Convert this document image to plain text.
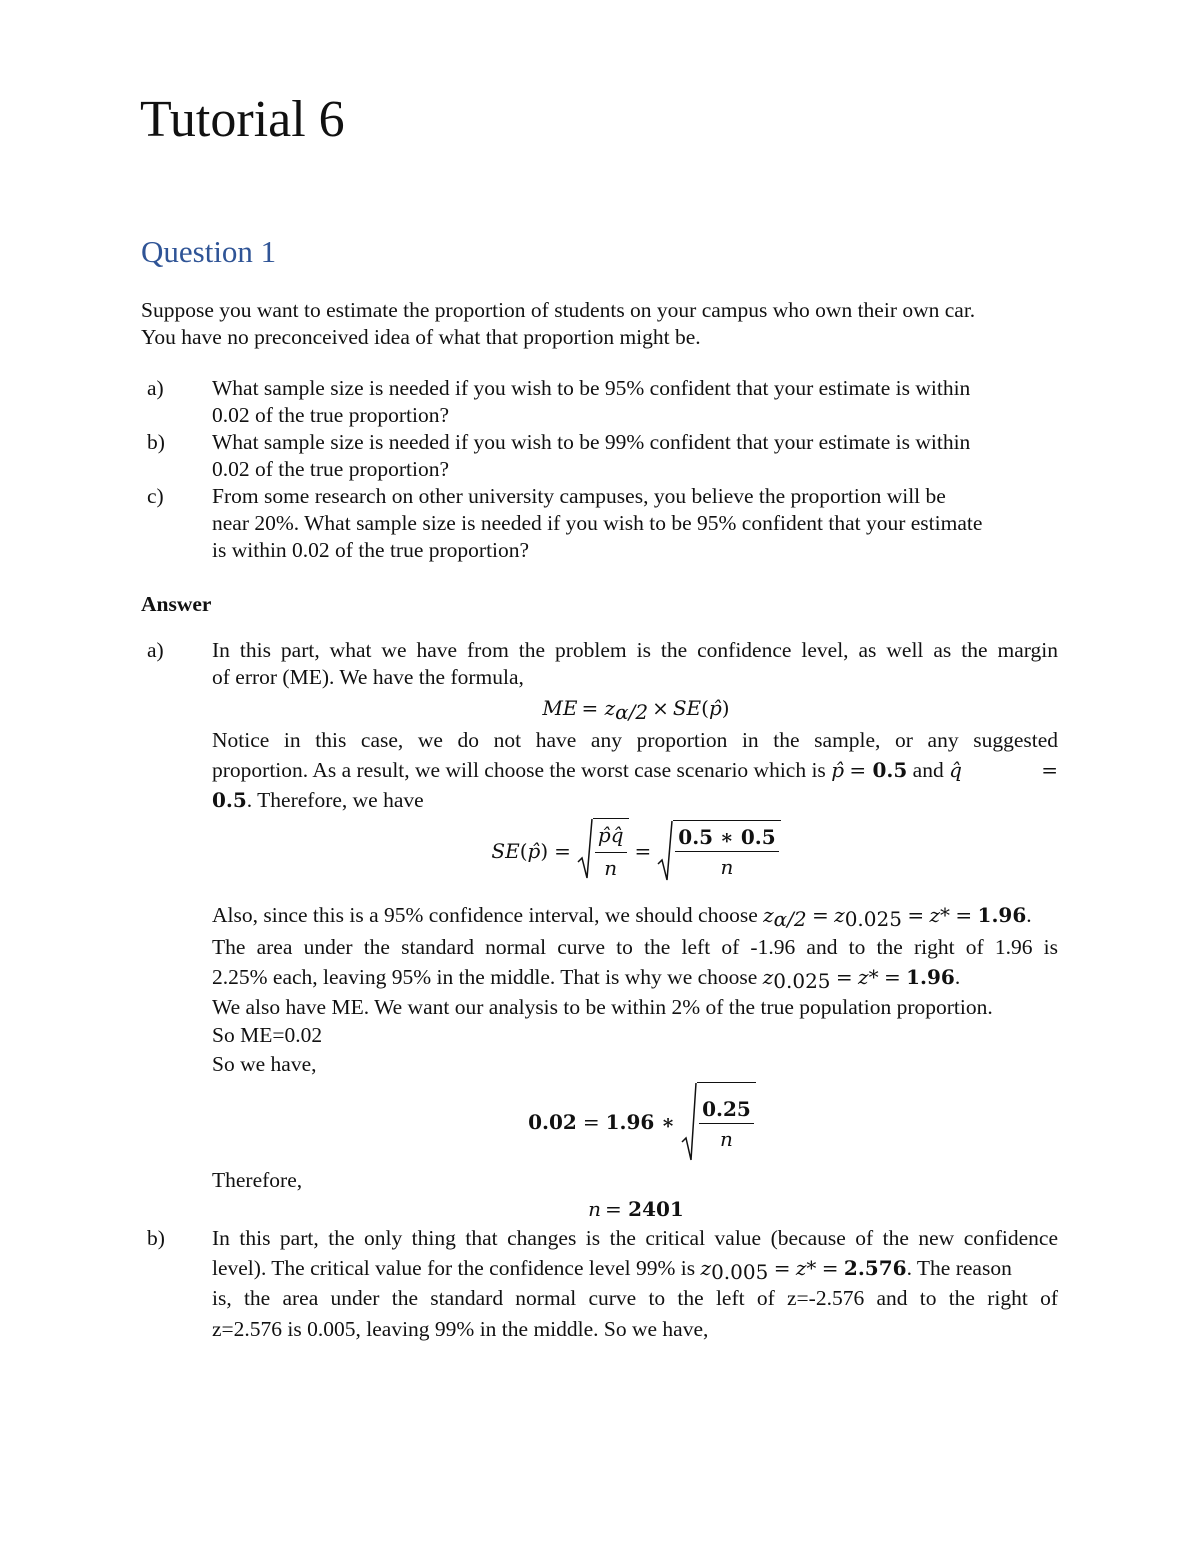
Tutorial 6
Question 1
Suppose you want to estimate the proportion of students on your campus who own their own car.
You have no preconceived idea of what that proportion might be.
a) What sample size is needed if you wish to be 95% confident that your estimate is within
0.02 of the true proportion?
b) What sample size is needed if you wish to be 99% confident that your estimate is within
0.02 of the true proportion?
c) From some research on other university campuses, you believe the proportion will be
near 20%. What sample size is needed if you wish to be 95% confident that your estimate
is within 0.02 of the true proportion?
Answer
a) In this part, what we have from the problem is the confidence level, as well as the margin
of error (ME). We have the formula,
ME = $z_{\alpha/2}$ × SE(p̂)
Notice in this case, we do not have any proportion in the sample, or any suggested
proportion. As a result, we will choose the worst case scenario which is p̂ = 0.5 and q̂	=
0.5. Therefore, we have
SE(p̂) = $\frac{p̂q̂}{n} = \frac{0.5 ∗ 0.5}{n}$
Also, since this is a 95% confidence interval, we should choose $z_{\alpha/2} = z_{0.025} = z* = 1.96$.
The area under the standard normal curve to the left of -1.96 and to the right of 1.96 is
2.25% each, leaving 95% in the middle. That is why we choose $z_{0.025} = z* = 1.96$.
We also have ME. We want our analysis to be within 2% of the true population proportion.
So ME=0.02
So we have,
0.02 = 1.96 ∗ $\frac{0.25}{n}$
Therefore,
n = 2401
b) In this part, the only thing that changes is the critical value (because of the new confidence
level). The critical value for the confidence level 99% is $z_{0.005} = z* = 2.576$. The reason
is, the area under the standard normal curve to the left of z=-2.576 and to the right of
z=2.576 is 0.005, leaving 99% in the middle. So we have,
